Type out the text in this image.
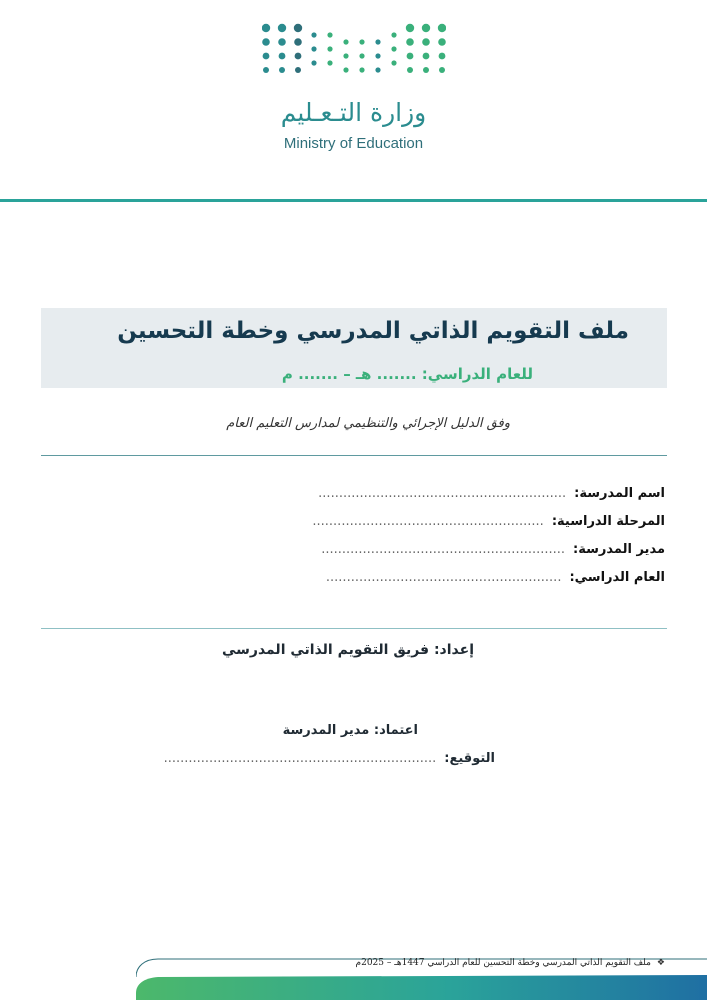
وزارة التـعـليم
Ministry of Education
ملف التقويم الذاتي المدرسي وخطة التحسين
للعام الدراسي: ....... هـ – ....... م
وفق الدليل الإجرائي والتنظيمي لمدارس التعليم العام
اسم المدرسة:............................................................
المرحلة الدراسية:........................................................
مدير المدرسة:...........................................................
العام الدراسي:.........................................................
إعداد: فريق التقويم الذاتي المدرسي
اعتماد: مدير المدرسة
التوقيع:..................................................................
❖ملف التقويم الذاتي المدرسي وخطة التحسين للعام الدراسي 1447هـ – 2025م
